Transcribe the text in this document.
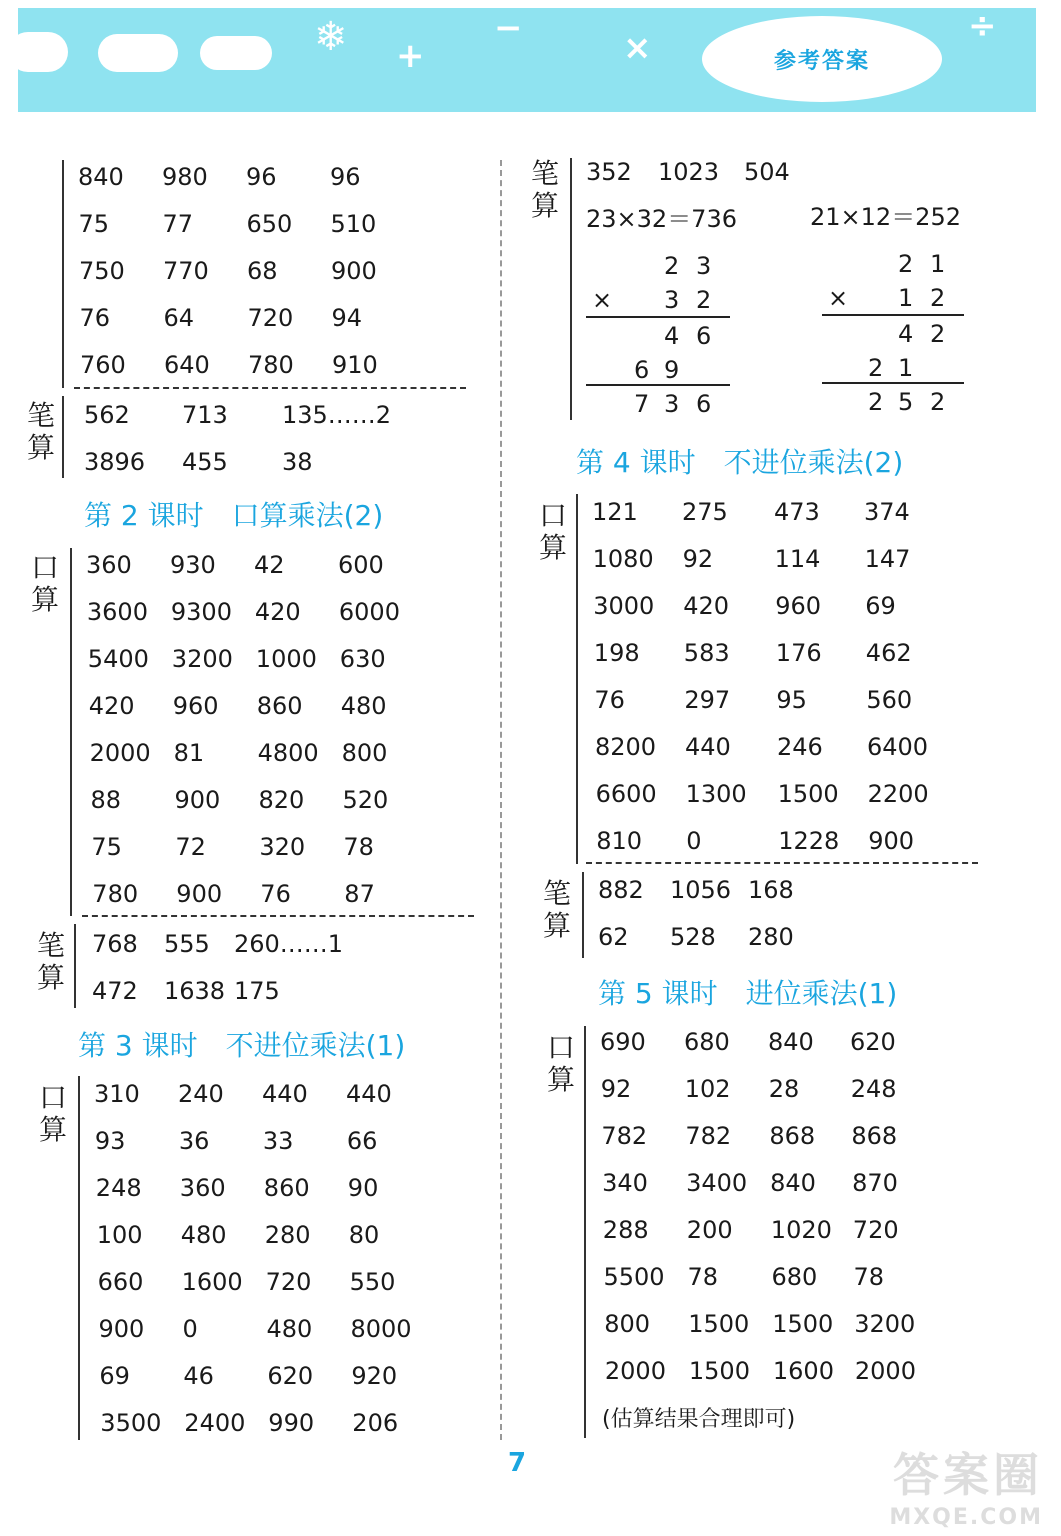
❄ +
−	×
÷
参考答案
笔算
第 2 课时　口算乘法(2)
口算
笔算
第 3 课时　不进位乘法(1)
口算
笔算
352 1023 504
23×32＝736	21×12＝252
2 3
× 3 2
4 6
6 9
7 3 6
2 1
× 1 2
4 2
2 1
2 5 2
第 4 课时　不进位乘法(2)
口算
笔算
第 5 课时　进位乘法(1)
口算
(估算结果合理即可)
840 980 96 96
75 77 650 510
750 770 68 900
76 64 720 94
760 640 780 910
562 713 135……2
3896 455 38
360 930 42 600
3600 9300 420 6000
5400 3200 1000 630
420 960 860 480
2000 81 4800 800
88 900 820 520
75 72 320 78
780 900 76 87
768 555 260……1
472 1638 175
310 240 440 440
93 36 33 66
248 360 860 90
100 480 280 80
660 1600 720 550
900 0	480 8000
69 46 620 920
3500 2400 990 206
121 275 473 374
1080 92	114 147
3000 420 960 69
198 583 176 462
76 297 95 560
8200 440 246 6400
6600 1300 1500 2200
810 0	1228 900
882 1056 168
62 528 280
690 680 840 620
92 102 28 248
782 782 868 868
340 3400 840 870
288 200 1020 720
5500 78 680 78
800 1500 1500 3200
2000 1500 1600 2000
7	答案圈
MXQE.COM
